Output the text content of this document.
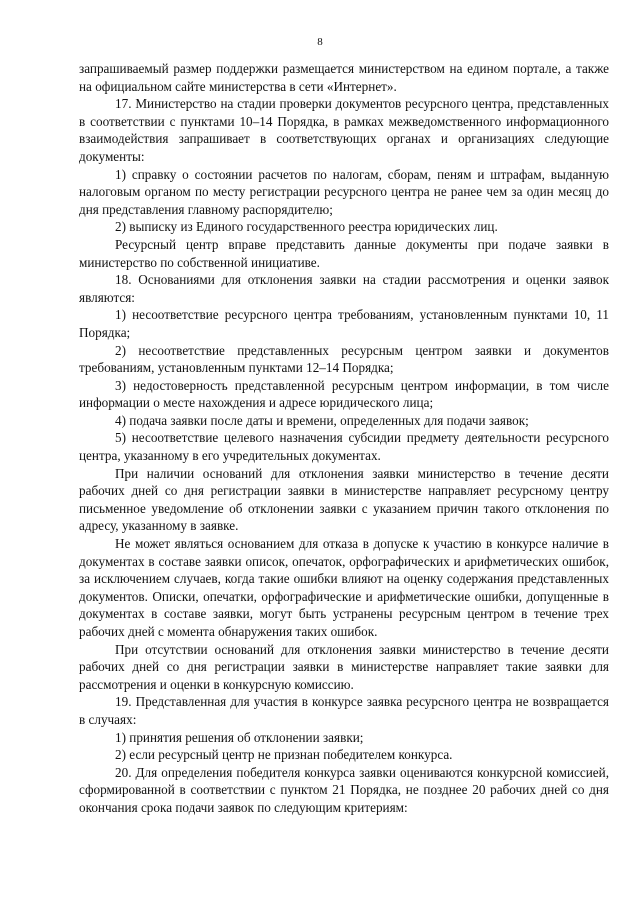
8

запрашиваемый размер поддержки размещается министерством на едином портале, а также на официальном сайте министерства в сети «Интернет».

17. Министерство на стадии проверки документов ресурсного центра, представленных в соответствии с пунктами 10–14 Порядка, в рамках межведомственного информационного взаимодействия запрашивает в соответствующих органах и организациях следующие документы:

1) справку о состоянии расчетов по налогам, сборам, пеням и штрафам, выданную налоговым органом по месту регистрации ресурсного центра не ранее чем за один месяц до дня представления главному распорядителю;

2) выписку из Единого государственного реестра юридических лиц.

Ресурсный центр вправе представить данные документы при подаче заявки в министерство по собственной инициативе.

18. Основаниями для отклонения заявки на стадии рассмотрения и оценки заявок являются:

1) несоответствие ресурсного центра требованиям, установленным пунктами 10, 11 Порядка;

2) несоответствие представленных ресурсным центром заявки и документов требованиям, установленным пунктами 12–14 Порядка;

3) недостоверность представленной ресурсным центром информации, в том числе информации о месте нахождения и адресе юридического лица;

4) подача заявки после даты и времени, определенных для подачи заявок;

5) несоответствие целевого назначения субсидии предмету деятельности ресурсного центра, указанному в его учредительных документах.

При наличии оснований для отклонения заявки министерство в течение десяти рабочих дней со дня регистрации заявки в министерстве направляет ресурсному центру письменное уведомление об отклонении заявки с указанием причин такого отклонения по адресу, указанному в заявке.

Не может являться основанием для отказа в допуске к участию в конкурсе наличие в документах в составе заявки описок, опечаток, орфографических и арифметических ошибок, за исключением случаев, когда такие ошибки влияют на оценку содержания представленных документов. Описки, опечатки, орфографические и арифметические ошибки, допущенные в документах в составе заявки, могут быть устранены ресурсным центром в течение трех рабочих дней с момента обнаружения таких ошибок.

При отсутствии оснований для отклонения заявки министерство в течение десяти рабочих дней со дня регистрации заявки в министерстве направляет такие заявки для рассмотрения и оценки в конкурсную комиссию.

19. Представленная для участия в конкурсе заявка ресурсного центра не возвращается в случаях:

1) принятия решения об отклонении заявки;

2) если ресурсный центр не признан победителем конкурса.

20. Для определения победителя конкурса заявки оцениваются конкурсной комиссией, сформированной в соответствии с пунктом 21 Порядка, не позднее 20 рабочих дней со дня окончания срока подачи заявок по следующим критериям:
